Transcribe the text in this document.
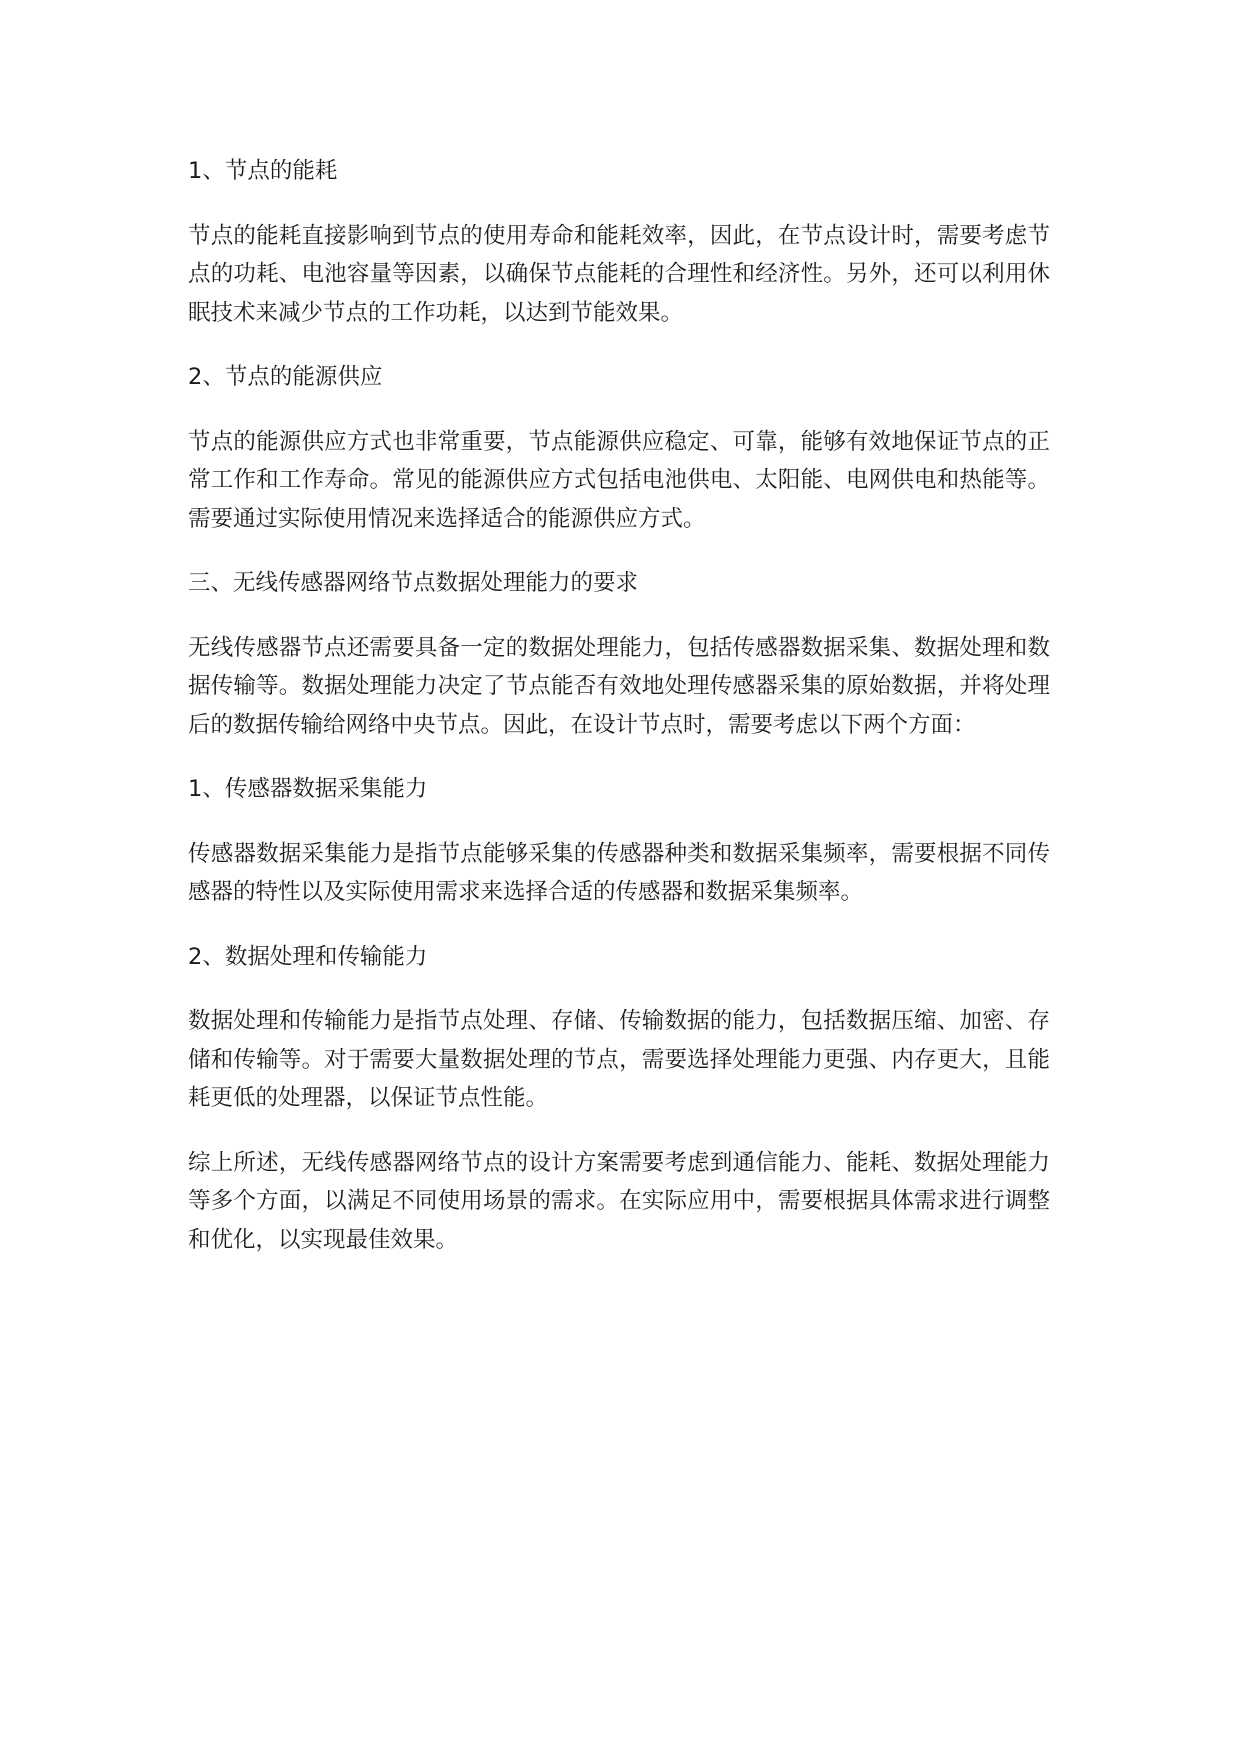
1、节点的能耗

节点的能耗直接影响到节点的使用寿命和能耗效率，因此，在节点设计时，需要考虑节点的功耗、电池容量等因素，以确保节点能耗的合理性和经济性。另外，还可以利用休眠技术来减少节点的工作功耗，以达到节能效果。

2、节点的能源供应

节点的能源供应方式也非常重要，节点能源供应稳定、可靠，能够有效地保证节点的正常工作和工作寿命。常见的能源供应方式包括电池供电、太阳能、电网供电和热能等。需要通过实际使用情况来选择适合的能源供应方式。

三、无线传感器网络节点数据处理能力的要求

无线传感器节点还需要具备一定的数据处理能力，包括传感器数据采集、数据处理和数据传输等。数据处理能力决定了节点能否有效地处理传感器采集的原始数据，并将处理后的数据传输给网络中央节点。因此，在设计节点时，需要考虑以下两个方面：

1、传感器数据采集能力

传感器数据采集能力是指节点能够采集的传感器种类和数据采集频率，需要根据不同传感器的特性以及实际使用需求来选择合适的传感器和数据采集频率。

2、数据处理和传输能力

数据处理和传输能力是指节点处理、存储、传输数据的能力，包括数据压缩、加密、存储和传输等。对于需要大量数据处理的节点，需要选择处理能力更强、内存更大，且能耗更低的处理器，以保证节点性能。

综上所述，无线传感器网络节点的设计方案需要考虑到通信能力、能耗、数据处理能力等多个方面，以满足不同使用场景的需求。在实际应用中，需要根据具体需求进行调整和优化，以实现最佳效果。
